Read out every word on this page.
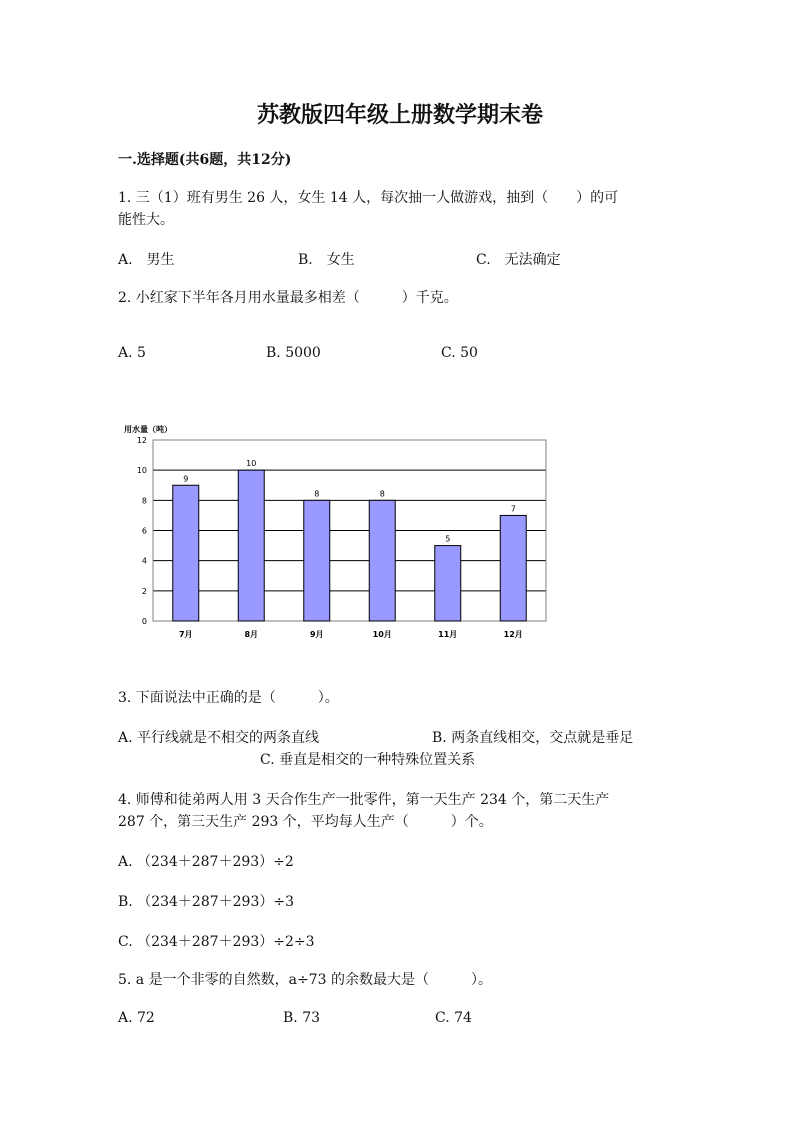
苏教版四年级上册数学期末卷
一.选择题(共6题，共12分)
1. 三（1）班有男生 26 人，女生 14 人，每次抽一人做游戏，抽到（　　）的可
能性大。
A.　男生	B.　女生	C.　无法确定
2. 小红家下半年各月用水量最多相差（　　　）千克。
A. 5	B. 5000	C. 50
用水量（吨）
0
2
4
6
8
10
12
9
7月
10
8月
8
9月
8
10月
5
11月
7
12月
3. 下面说法中正确的是（　　　）。
A. 平行线就是不相交的两条直线	B. 两条直线相交，交点就是垂足
C. 垂直是相交的一种特殊位置关系
4. 师傅和徒弟两人用 3 天合作生产一批零件，第一天生产 234 个，第二天生产
287 个，第三天生产 293 个，平均每人生产（　　　）个。
A. （234＋287＋293）÷2
B. （234＋287＋293）÷3
C. （234＋287＋293）÷2÷3
5. a 是一个非零的自然数，a÷73 的余数最大是（　　　）。
A. 72	B. 73	C. 74
